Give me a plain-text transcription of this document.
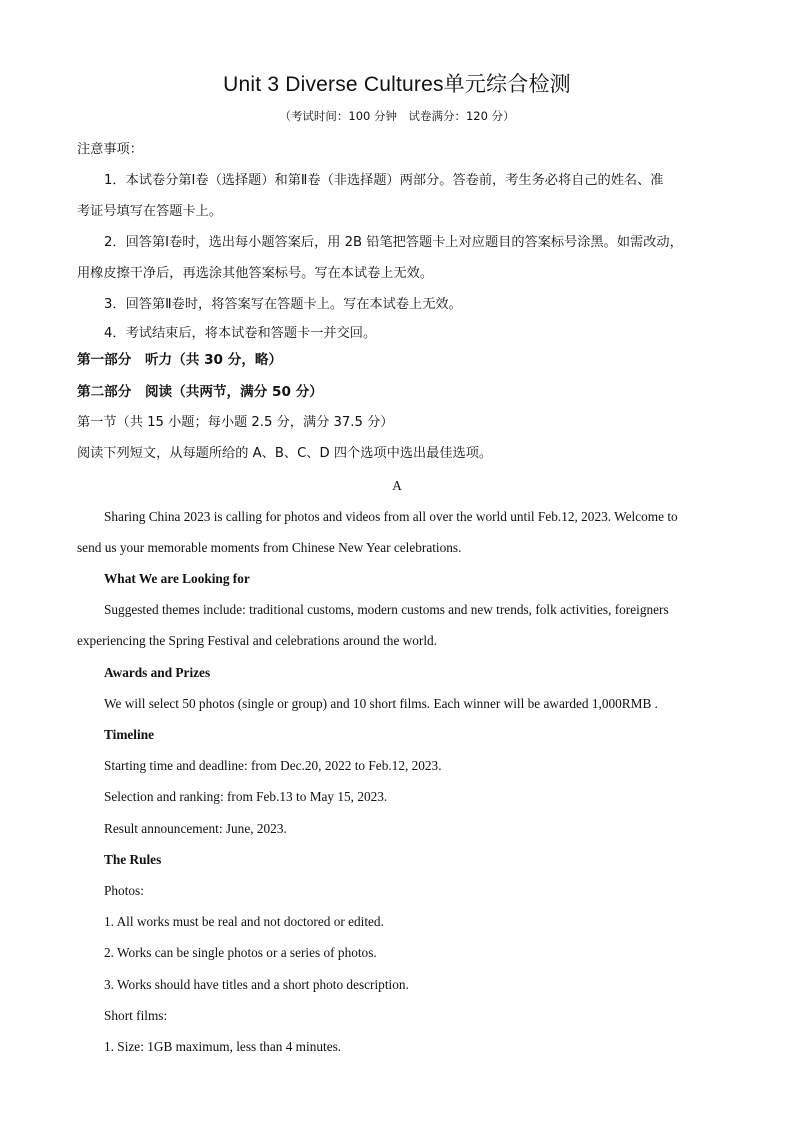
Unit 3 Diverse Cultures单元综合检测
（考试时间：100 分钟　试卷满分：120 分）
注意事项：
1．本试卷分第Ⅰ卷（选择题）和第Ⅱ卷（非选择题）两部分。答卷前，考生务必将自己的姓名、准
考证号填写在答题卡上。
2．回答第Ⅰ卷时，选出每小题答案后，用 2B 铅笔把答题卡上对应题目的答案标号涂黑。如需改动，
用橡皮擦干净后，再选涂其他答案标号。写在本试卷上无效。
3．回答第Ⅱ卷时，将答案写在答题卡上。写在本试卷上无效。
4．考试结束后，将本试卷和答题卡一并交回。
第一部分　听力（共 30 分，略）
第二部分　阅读（共两节，满分 50 分）
第一节（共 15 小题；每小题 2.5 分，满分 37.5 分）
阅读下列短文，从每题所给的 A、B、C、D 四个选项中选出最佳选项。
A
Sharing China 2023 is calling for photos and videos from all over the world until Feb.12, 2023. Welcome to
send us your memorable moments from Chinese New Year celebrations.
What We are Looking for
Suggested themes include: traditional customs, modern customs and new trends, folk activities, foreigners
experiencing the Spring Festival and celebrations around the world.
Awards and Prizes
We will select 50 photos (single or group) and 10 short films. Each winner will be awarded 1,000RMB .
Timeline
Starting time and deadline: from Dec.20, 2022 to Feb.12, 2023.
Selection and ranking: from Feb.13 to May 15, 2023.
Result announcement: June, 2023.
The Rules
Photos:
1. All works must be real and not doctored or edited.
2. Works can be single photos or a series of photos.
3. Works should have titles and a short photo description.
Short films:
1. Size: 1GB maximum, less than 4 minutes.
